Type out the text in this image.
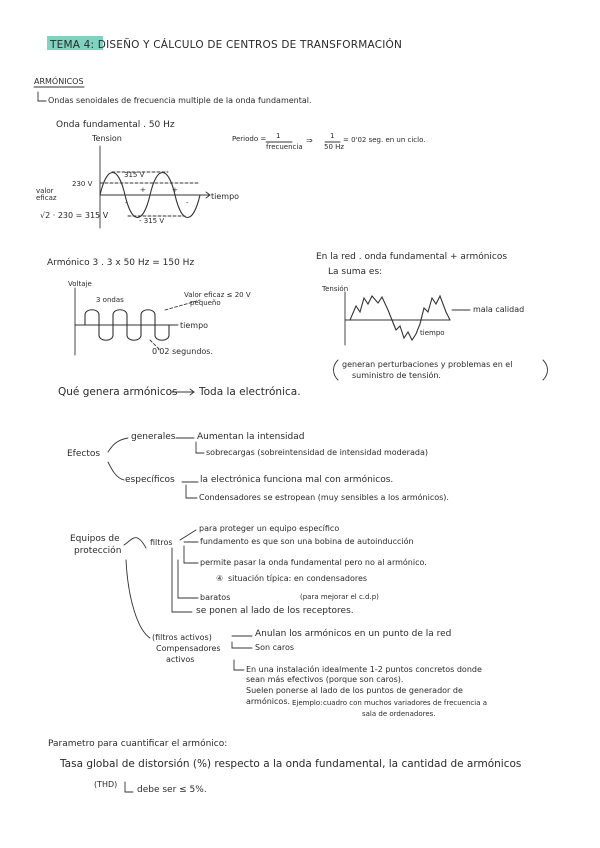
TEMA 4: DISEÑO Y CÁLCULO DE CENTROS DE TRANSFORMACIÓN
ARMÓNICOS
Ondas senoidales de frecuencia multiple de la onda fundamental.
Onda fundamental . 50 Hz
Tension
315 V
230 V
valor eficaz	tiempo
- 315 V
√2 · 230 = 315 V
+	+
-	-
Periodo = 1
frecuencia
⇒ 1
50 Hz
= 0'02 seg. en un ciclo.
Armónico 3 . 3 x 50 Hz = 150 Hz
Voltaje
3 ondas
Valor eficaz ≤ 20 V
pequeño
tiempo
0'02 segundos.
En la red . onda fundamental + armónicos
La suma es:
Tensión
tiempo
mala calidad
generan perturbaciones y problemas en el
suministro de tensión.
Qué genera armónicos Toda la electrónica.
Efectos
generales Aumentan la intensidad
sobrecargas (sobreintensidad de intensidad moderada)
específicos	la electrónica funciona mal con armónicos.
Condensadores se estropean (muy sensibles a los armónicos).
Equipos de
protección
filtros
para proteger un equipo específico
fundamento es que son una bobina de autoinducción
permite pasar la onda fundamental pero no al armónico.
④ situación típica: en condensadores
baratos	(para mejorar el c.d.p)
se ponen al lado de los receptores.
(filtros activos)
Compensadores
activos
Anulan los armónicos en un punto de la red
Son caros
En una instalación idealmente 1-2 puntos concretos donde
sean más efectivos (porque son caros).
Suelen ponerse al lado de los puntos de generador de
armónicos. Ejemplo: cuadro con muchos variadores de frecuencia a
sala de ordenadores.
Parametro para cuantificar el armónico:
Tasa global de distorsión (%) respecto a la onda fundamental, la cantidad de armónicos
(THD)
debe ser ≤ 5%.
